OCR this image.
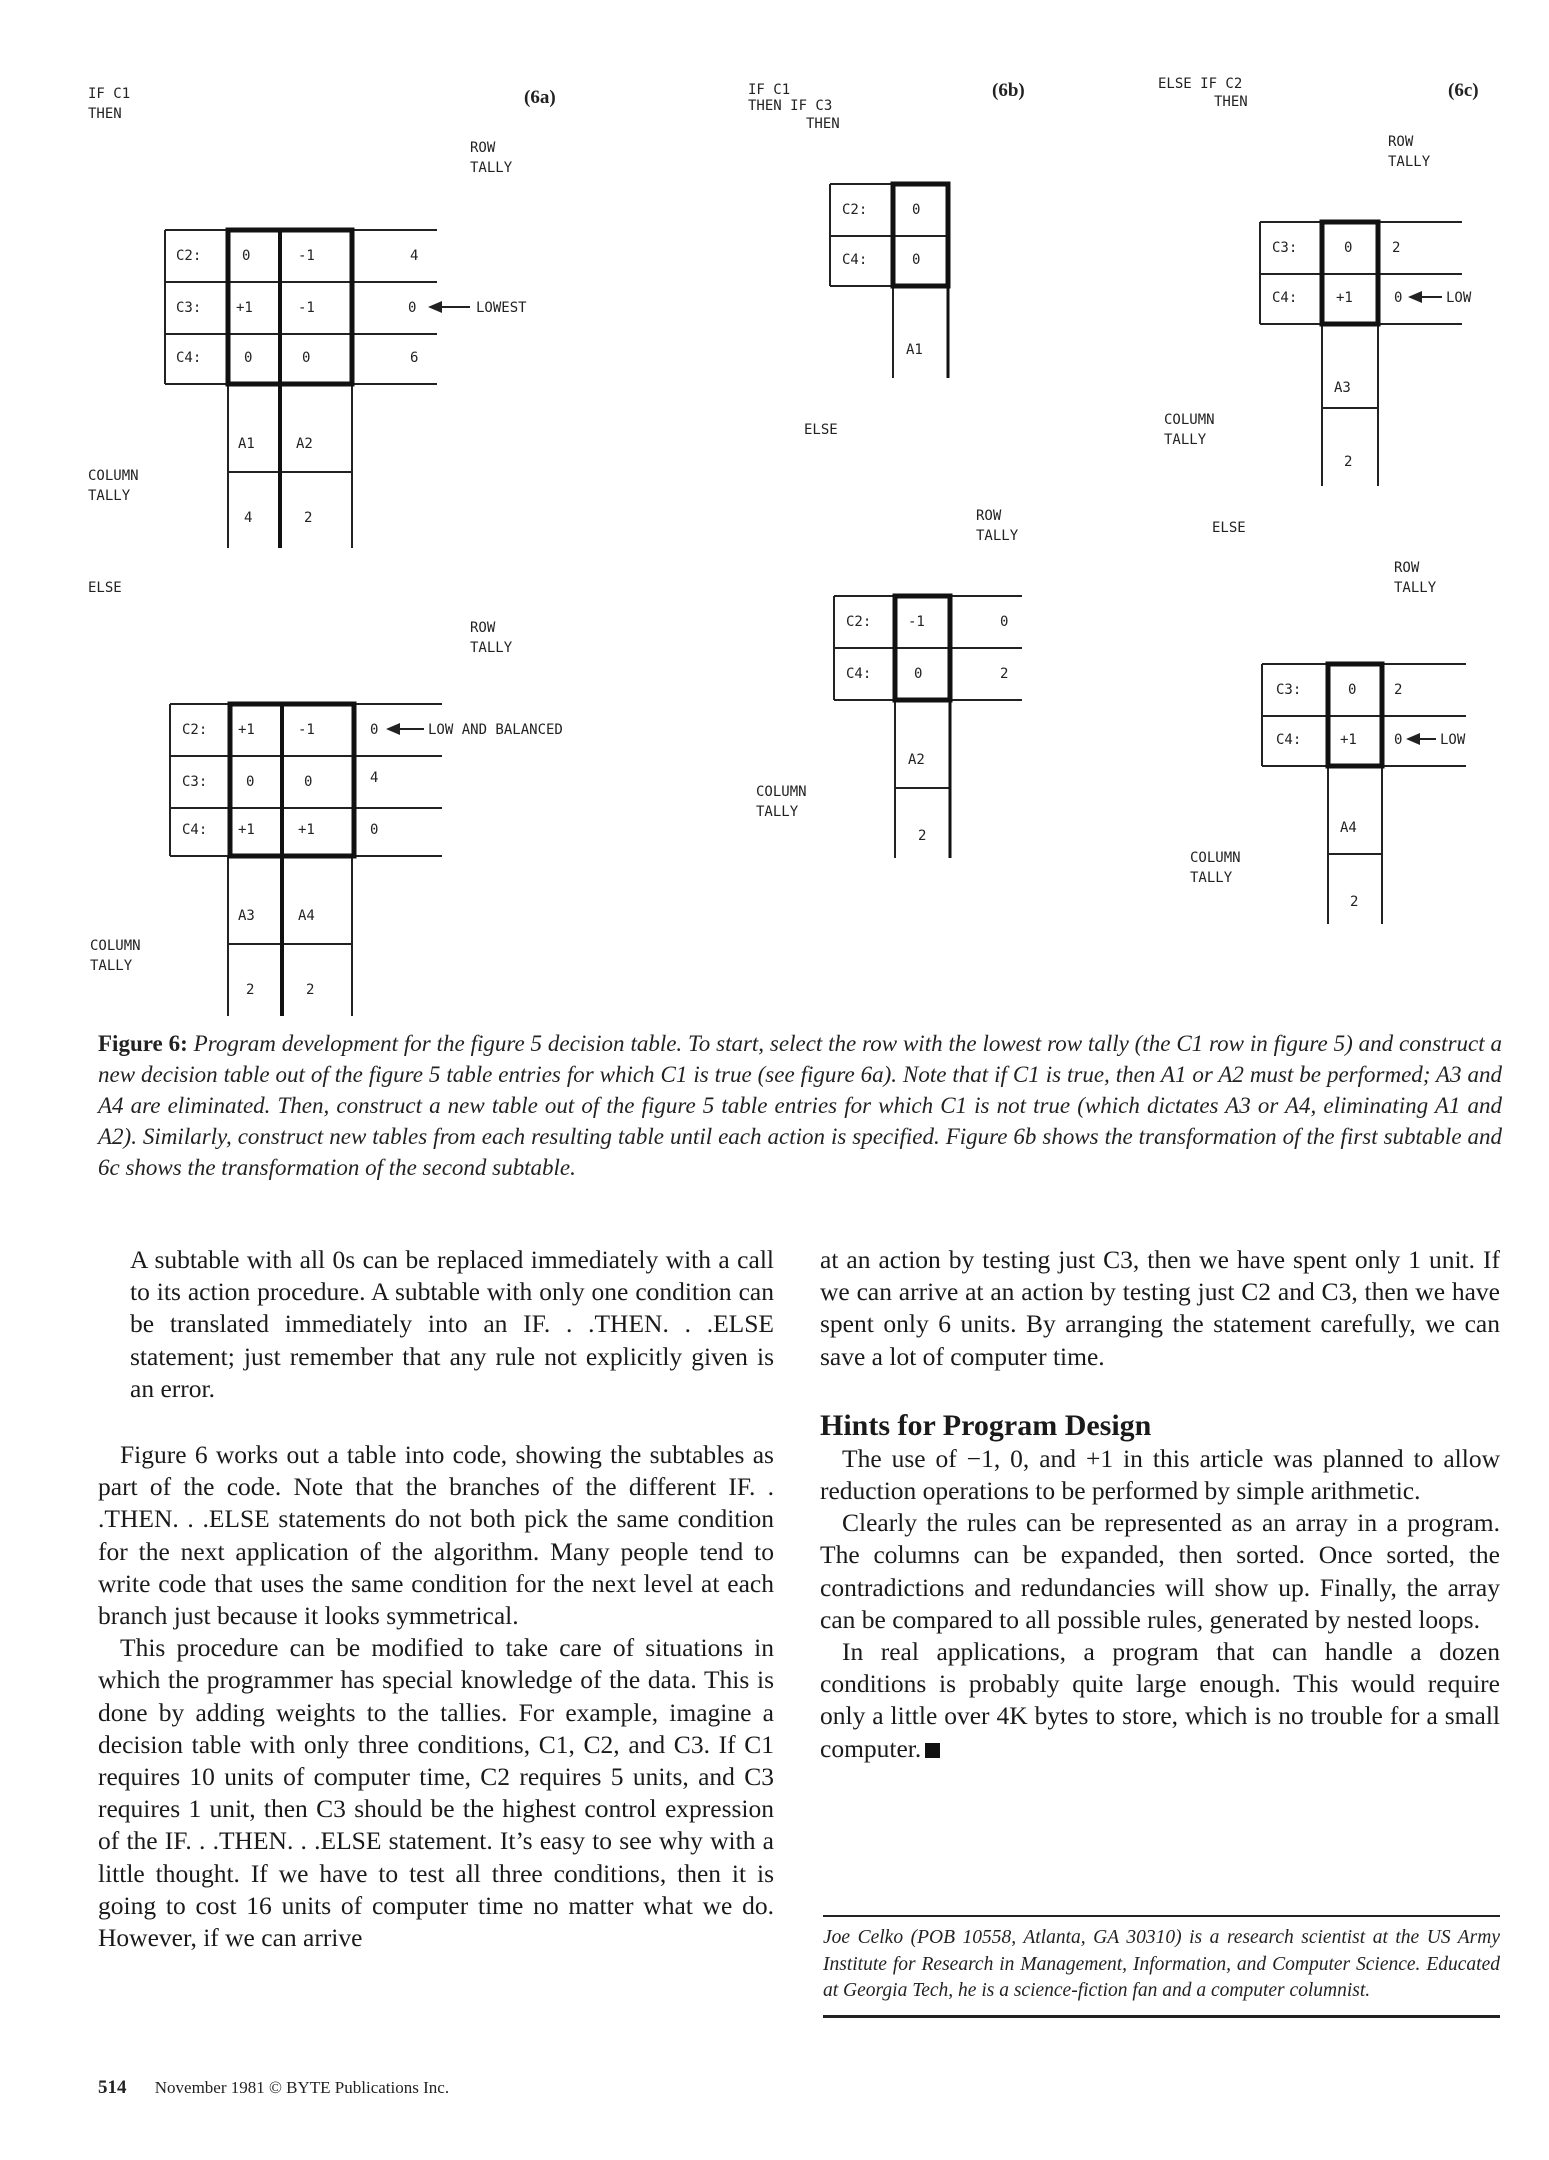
IF C1
THEN
(6a)
ROW
TALLY
C2:	0	-1	4
C3: +1	-1	0	LOWEST
C4:	0	0	6
A1	A2
COLUMN
TALLY
4	2
ELSE
ROW
TALLY
C2: +1	-1	0	LOW AND BALANCED
C3:	0	0	4
C4: +1	+1	0
A3	A4
COLUMN
TALLY
2	2
IF C1
THEN IF C3
THEN
(6b)
C2:	0
C4:	0
A1
ELSE
ROW
TALLY
C2:	-1	0
C4:	0	2
A2
COLUMN
TALLY
2
ELSE IF C2
THEN
(6c)
ROW
TALLY
C3:	0	2
C4:	+1	0	LOW
A3
COLUMN
TALLY
2
ELSE
ROW
TALLY
C3:	0	2
C4:	+1	0	LOW
A4
COLUMN
TALLY
2
Figure 6: Program development for the figure 5 decision table. To start, select the row with the lowest row tally (the C1 row in figure 5) and construct a new decision table out of the figure 5 table entries for which C1 is true (see figure 6a). Note that if C1 is true, then A1 or A2 must be performed; A3 and A4 are eliminated. Then, construct a new table out of the figure 5 table entries for which C1 is not true (which dictates A3 or A4, eliminating A1 and A2). Similarly, construct new tables from each resulting table until each action is specified. Figure 6b shows the transformation of the first subtable and 6c shows the transformation of the second subtable.

A subtable with all 0s can be replaced immediately with a call to its action procedure. A subtable with only one condition can be translated immediately into an IF. . .THEN. . .ELSE statement; just remember that any rule not explicitly given is an error.

Figure 6 works out a table into code, showing the subtables as part of the code. Note that the branches of the different IF. . .THEN. . .ELSE statements do not both pick the same condition for the next application of the algorithm. Many people tend to write code that uses the same condition for the next level at each branch just because it looks symmetrical.

This procedure can be modified to take care of situations in which the programmer has special knowledge of the data. This is done by adding weights to the tallies. For example, imagine a decision table with only three conditions, C1, C2, and C3. If C1 requires 10 units of computer time, C2 requires 5 units, and C3 requires 1 unit, then C3 should be the highest control expression of the IF. . .THEN. . .ELSE statement. It’s easy to see why with a little thought. If we have to test all three conditions, then it is going to cost 16 units of computer time no matter what we do. However, if we can arrive

at an action by testing just C3, then we have spent only 1 unit. If we can arrive at an action by testing just C2 and C3, then we have spent only 6 units. By arranging the statement carefully, we can save a lot of computer time.

Hints for Program Design

The use of −1, 0, and +1 in this article was planned to allow reduction operations to be performed by simple arithmetic.

Clearly the rules can be represented as an array in a program. The columns can be expanded, then sorted. Once sorted, the contradictions and redundancies will show up. Finally, the array can be compared to all possible rules, generated by nested loops.

In real applications, a program that can handle a dozen conditions is probably quite large enough. This would require only a little over 4K bytes to store, which is no trouble for a small computer.

Joe Celko (POB 10558, Atlanta, GA 30310) is a research scientist at the US Army Institute for Research in Management, Information, and Computer Science. Educated at Georgia Tech, he is a science-fiction fan and a computer columnist.
514 November 1981 © BYTE Publications Inc.
